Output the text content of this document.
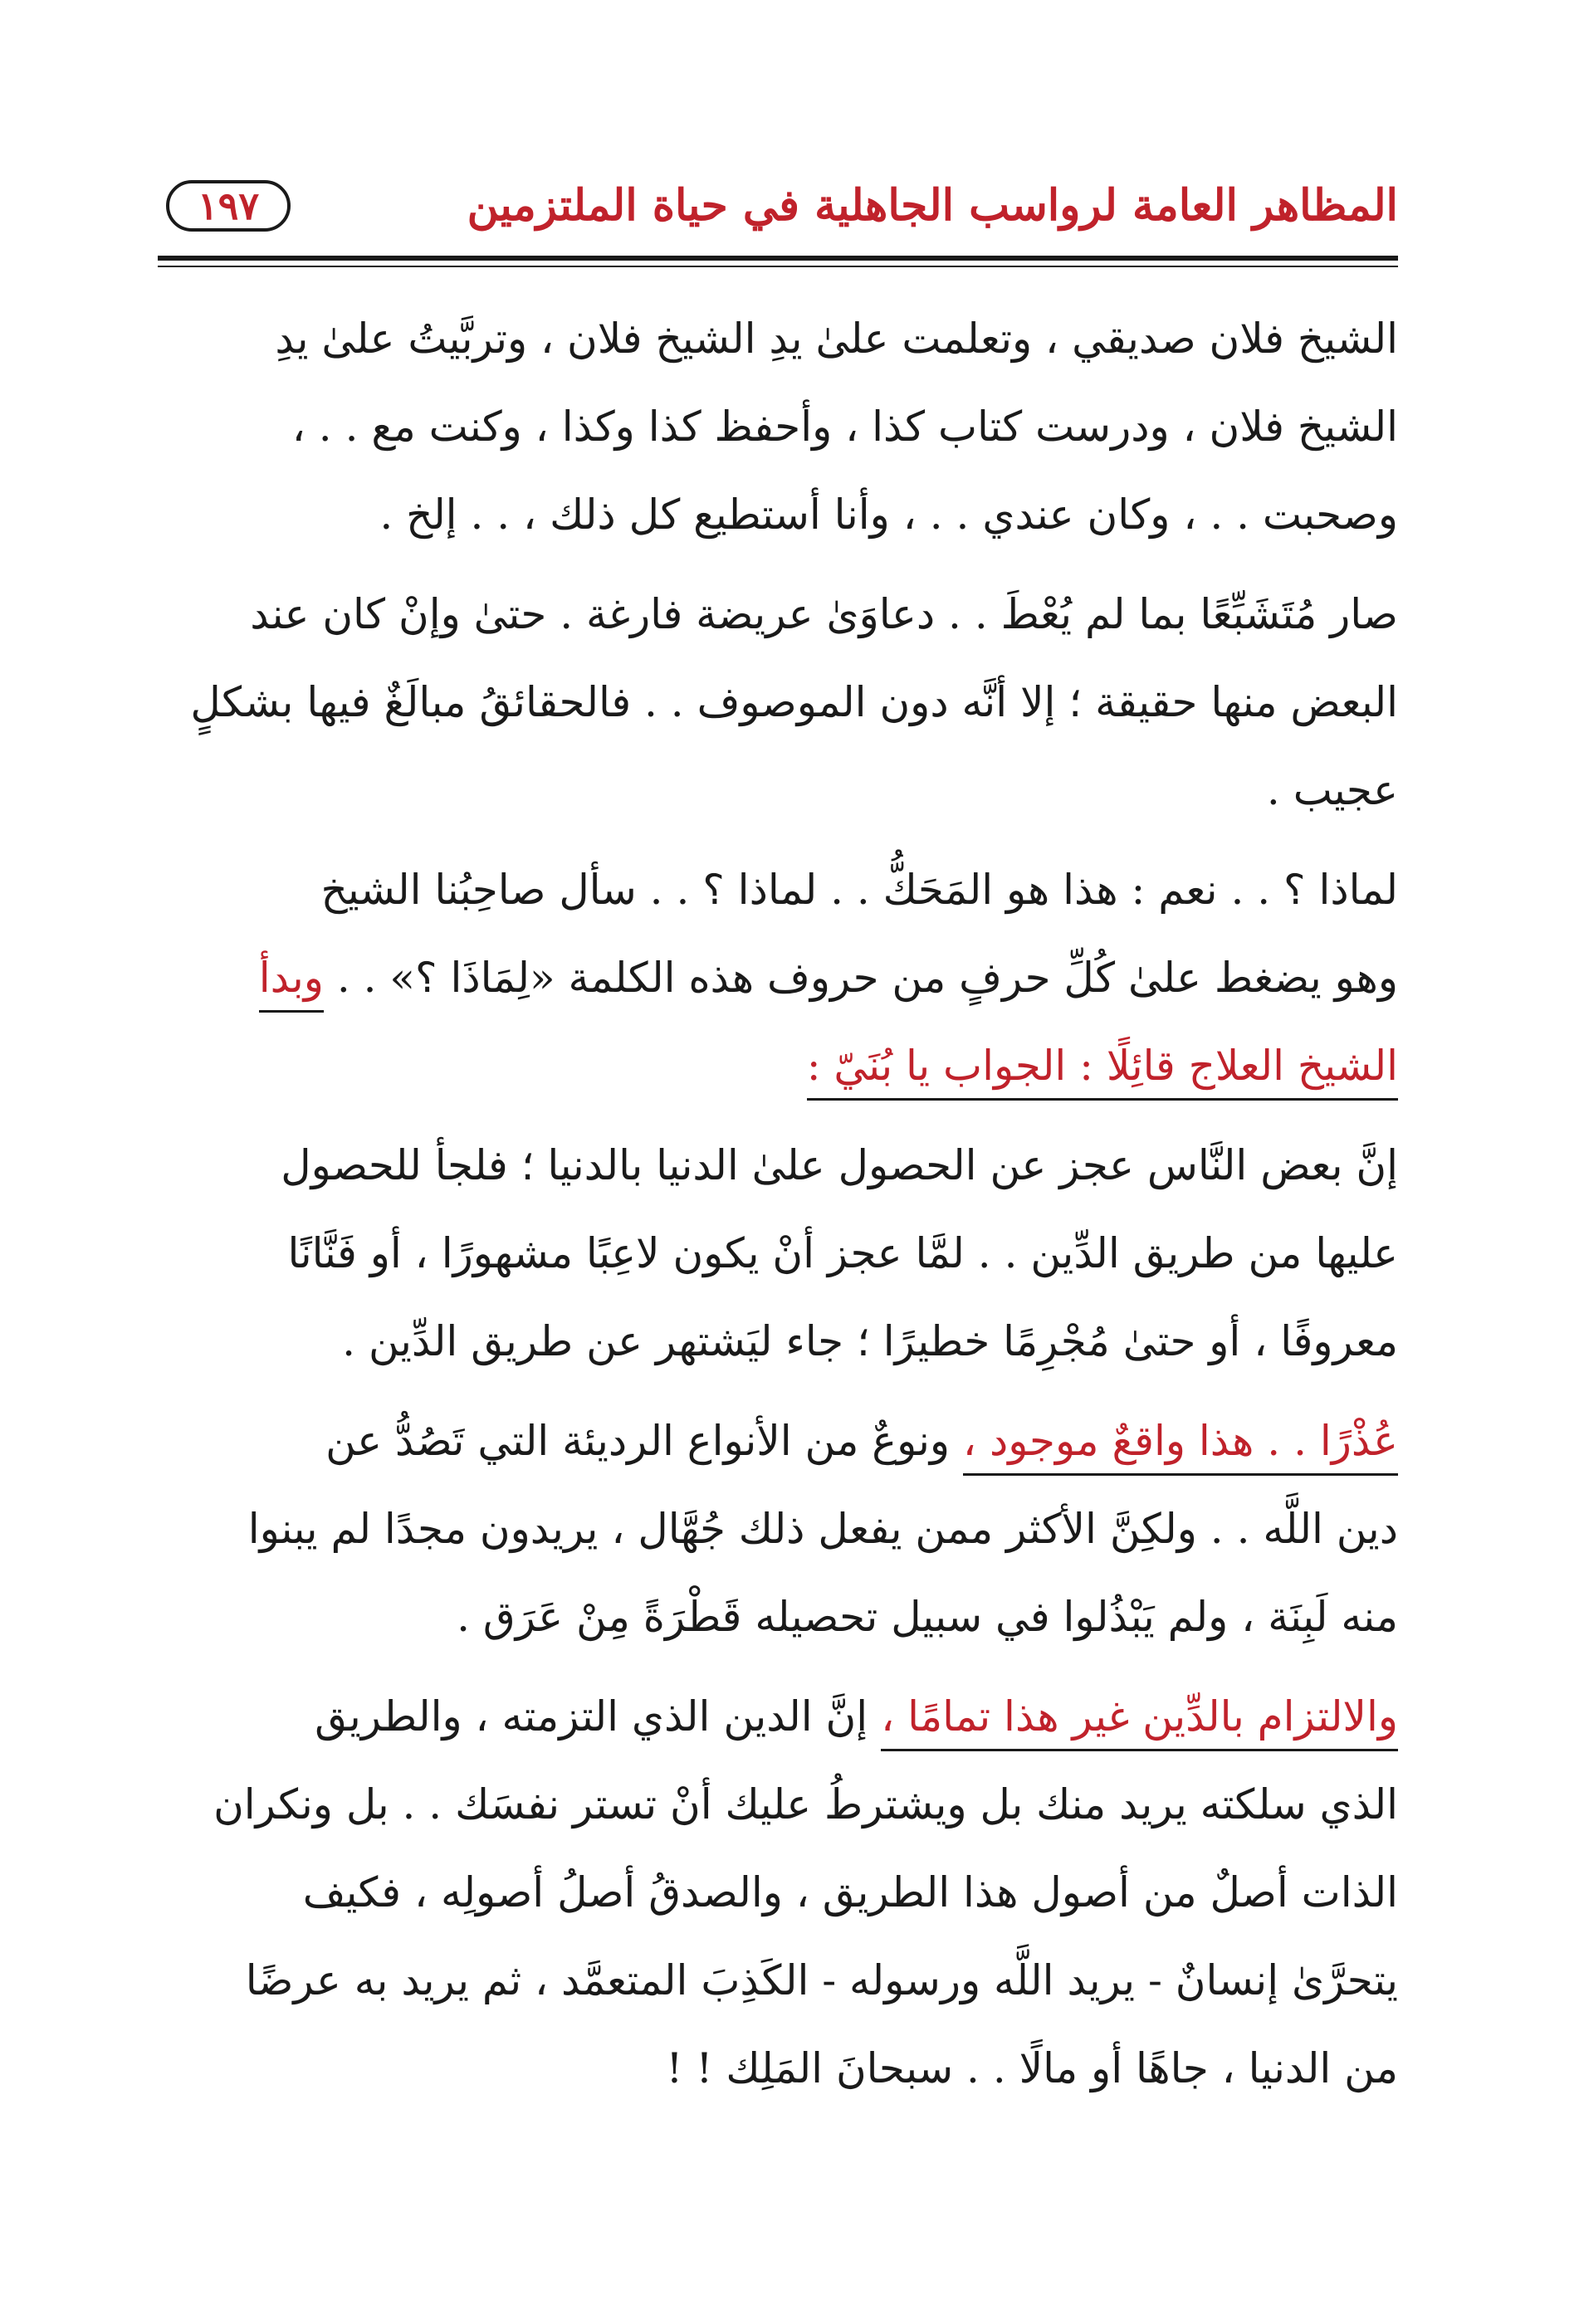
المظاهر العامة لرواسب الجاهلية في حياة الملتزمين
١٩٧

الشيخ فلان صديقي ، وتعلمت علىٰ يدِ الشيخ فلان ، وتربَّيتُ علىٰ يدِ
الشيخ فلان ، ودرست كتاب كذا ، وأحفظ كذا وكذا ، وكنت مع . . ،
وصحبت . . ، وكان عندي . . ، وأنا أستطيع كل ذلك ، . . إلخ .

صار مُتَشَبِّعًا بما لم يُعْطَ . . دعاوَىٰ عريضة فارغة . حتىٰ وإنْ كان عند
البعض منها حقيقة ؛ إلا أنَّه دون الموصوف . . فالحقائقُ مبالَغٌ فيها بشكلٍ
عجيب .

لماذا ؟ . . نعم : هذا هو المَحَكُّ . . لماذا ؟ . . سأل صاحِبُنا الشيخ
وهو يضغط علىٰ كُلِّ حرفٍ من حروف هذه الكلمة «لِمَاذَا ؟» . . وبدأ
الشيخ العلاج قائِلًا : الجواب يا بُنَيّ :

إنَّ بعض النَّاس عجز عن الحصول علىٰ الدنيا بالدنيا ؛ فلجأ للحصول
عليها من طريق الدِّين . . لمَّا عجز أنْ يكون لاعِبًا مشهورًا ، أو فَنَّانًا
معروفًا ، أو حتىٰ مُجْرِمًا خطيرًا ؛ جاء ليَشتهر عن طريق الدِّين .

عُذْرًا . . هذا واقعٌ موجود ، ونوعٌ من الأنواع الرديئة التي تَصُدُّ عن
دين اللَّه . . ولكِنَّ الأكثر ممن يفعل ذلك جُهَّال ، يريدون مجدًا لم يبنوا
منه لَبِنَة ، ولم يَبْذُلوا في سبيل تحصيله قَطْرَةً مِنْ عَرَق .

والالتزام بالدِّين غير هذا تمامًا ، إنَّ الدين الذي التزمته ، والطريق
الذي سلكته يريد منك بل ويشترطُ عليك أنْ تستر نفسَك . . بل ونكران
الذات أصلٌ من أصول هذا الطريق ، والصدقُ أصلُ أصولِه ، فكيف
يتحرَّىٰ إنسانٌ - يريد اللَّه ورسوله - الكَذِبَ المتعمَّد ، ثم يريد به عرضًا
من الدنيا ، جاهًا أو مالًا . . سبحانَ المَلِك ! !
